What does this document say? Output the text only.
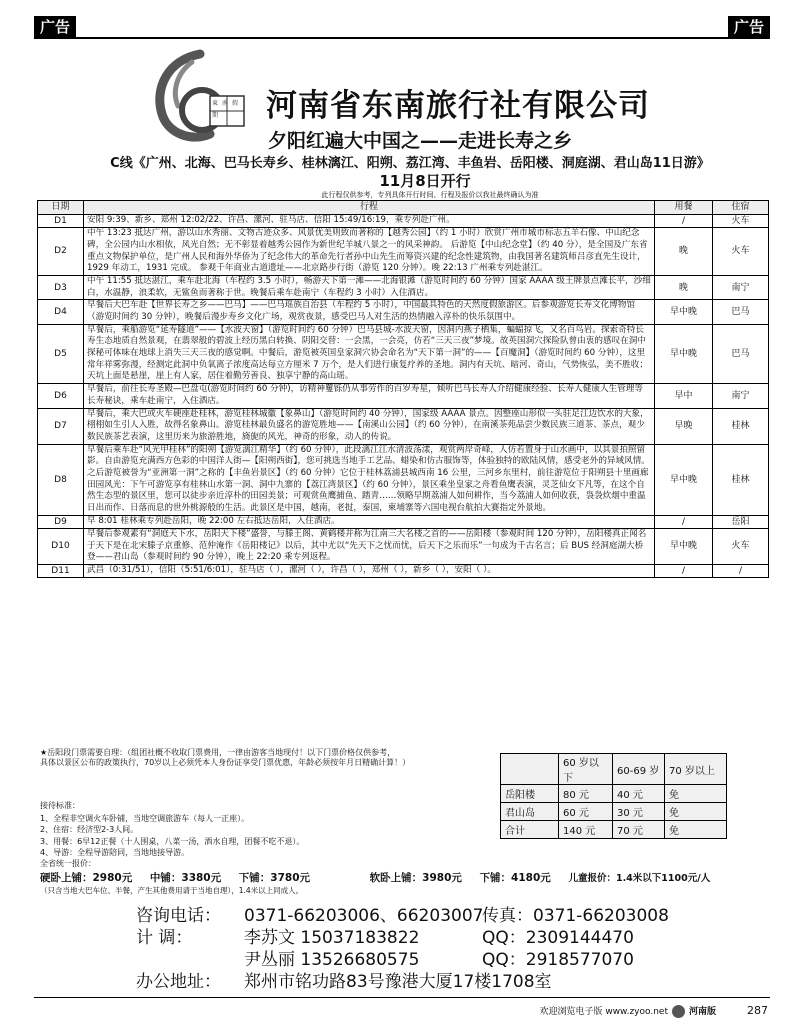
广告	广告
東南假期	河南省东南旅行社有限公司
夕阳红遍大中国之——走进长寿之乡
C线《广州、北海、巴马长寿乡、桂林漓江、阳朔、荔江湾、丰鱼岩、岳阳楼、洞庭湖、君山岛11日游》
11月8日开行
此行程仅供参考，专列具体开行时间、行程及报价以我社最终确认为准
日期	行程	用餐	住宿
D1	安阳 9:39、新乡、郑州 12:02/22、许昌、漯河、驻马店、信阳 15:49/16:19，乘专列赴广州。	/	火车
D2	中午 13:23 抵达广州，游以山水秀丽、文物古迹众多、风景优美则致而著称的【越秀公园】（约 1 小时）欣赏广州市城市标志五羊石像、中山纪念碑，全公园内山水相依，风光自然；无不彰显着越秀公园作为新世纪羊城八景之一的风采神韵。 后游览【中山纪念堂】（约 40 分），是全国及广东省重点文物保护单位，是广州人民和海外华侨为了纪念伟大的革命先行者孙中山先生而筹资兴建的纪念性建筑物，由我国著名建筑师吕彦直先生设计，1929 年动工，1931 完成。 参观千年商业古道遗址——北京路步行街（游览 120 分钟）。晚 22:13 广州乘专列赴湛江。	晚	火车
D3	中午 11:55 抵达湛江，乘车赴北海（车程约 3.5 小时），畅游天下第一滩——北海银滩（游览时间约 60 分钟）国家 AAAA 级王牌景点滩长平，沙细白，水温静，浪柔软，无鲨鱼而著称于世。晚餐后乘车赴南宁（车程约 3 小时）入住酒店。	晚	南宁
D4	早餐后大巴车赴【世界长寿之乡——巴马】——巴马瑶族自治县（车程约 5 小时），中国最具特色的天然度假旅游区。后参观游览长寿文化博物馆（游览时间约 30 分钟），晚餐后漫步寿乡文化广场，观赏夜景，感受巴马人对生活的热情融入淳朴的快乐氛围中。	早中晚	巴马
D5	早餐后，乘船游览“延寿隧道”——【水波天窗】（游览时间约 60 分钟）巴马县城-水波天窗，因洞内燕子栖集，蝙蝠掠飞，又名百鸟岩。探索奇特长寿生态地质自然景观，在翡翠般的碧波上经历黑白转换、阴阳交替：一会黑，一会亮，仿若“三天三夜”梦境。故英国洞穴探险队曾由衷的感叹在洞中探秘可体味在地球上消失三天三夜的感觉啊。中餐后，游览被英国皇家洞穴协会命名为“天下第一洞”的——【百魔洞】（游览时间约 60 分钟），这里常年祥雾弥漫，经测定此洞中负氧离子浓度高达每立方厘米 7 万个，是人们进行康复疗养的圣地。洞内有天坑、暗河、奇山，气势恢弘，美不胜收；天坑上面是悬崖，崖上有人家，居住着勤劳善良、独享宁静的高山瑶。	早中晚	巴马
D6	早餐后，前往长寿圣殿—巴盘屯(游览时间约 60 分钟)，访精神矍铄仍从事劳作的百岁寿星，倾听巴马长寿人介绍健康经验、长寿人健康人生管理等长寿秘诀，乘车赴南宁，入住酒店。	早中	南宁
D7	早餐后，乘大巴或火车硬座赴桂林，游览桂林城徽【象鼻山】（游览时间约 40 分钟），国家级 AAAA 景点。因整座山形似一头驻足江边饮水的大象，栩栩如生引人入胜，故得名象鼻山。游览桂林最负盛名的游览胜地——【南溪山公园】（约 60 分钟），在南溪茶苑品尝少数民族三道茶、茶点，观少数民族茶艺表演，这里历来为旅游胜地，旖旎的风光，神奇的形象，动人的传说。	早晚	桂林
D8	早餐后乘车赴“风光甲桂林”的阳朔【游览漓江精华】（约 60 分钟），此段漓江江水清波荡漾，观赏两岸奇峰，人仿若置身于山水画中，以其景拍照留影。自由游览充满西方色彩的中国洋人街—【阳朔西街】，您可挑选当地手工艺品、蜡染和仿古服饰等，体验独特的欧陆风情，感受老外的异域风情。之后游览被誉为“亚洲第一洞”之称的【丰鱼岩景区】（约 60 分钟）它位于桂林荔浦县城西南 16 公里，三河乡东里村，前往游览位于阳朔县十里画廊田园风光：下午可游览享有桂林山水第一洞、洞中九寨的【荔江湾景区】（约 60 分钟），景区乘坐皇家之舟看鱼鹰表演，灵芝仙女下凡等，在这个自然生态型的景区里，您可以徒步亲近淳朴的田园美景；可观赏鱼鹰捕鱼、踏青……领略早期荔浦人如何耕作，当今荔浦人如何收获，袅袅炊烟中重温日出而作、日落而息的世外桃源般的生活。此景区是中国，越南，老挝，泰国，柬埔寨等六国电视台航拍大赛指定外景地。	早中晚	桂林
D9	早 8:01 桂林乘专列赴岳阳，晚 22:00 左右抵达岳阳，入住酒店。	/	岳阳
D10	早餐后参观素有“洞庭天下水，岳阳天下楼”盛誉，与滕王阁、黄鹤楼并称为江南三大名楼之首的——岳阳楼（参观时间 120 分钟），岳阳楼真正闻名于天下是在北宋滕子京重修、范仲淹作《岳阳楼记》以后，其中尤以“先天下之忧而忧，后天下之乐而乐”一句成为千古名言；后 BUS 经洞庭湖大桥登——君山岛（参观时间约 90 分钟），晚上 22:20 乘专列返程。	早中晚	火车
D11	武昌（0:31/51），信阳（5:51/6:01），驻马店（ ），漯河（ ），许昌（ ），郑州（ ），新乡（ ），安阳（ ）。	/	/
★岳阳段门票需要自理：（组团社概不收取门票费用，一律由游客当地现付！以下门票价格仅供参考，
具体以景区公布的政策执行，70岁以上必须凭本人身份证享受门票优惠，年龄必须按年月日精确计算！）
		60 岁以下	60-69 岁	70 岁以上
岳阳楼	80 元	40 元	免
君山岛	60 元	30 元	免
合计	140 元	70 元	免
接待标准：
1、全程非空调火车卧铺，当地空调旅游车（每人一正座）。
2、住宿：经济型2-3人间。
3、用餐：6早12正餐（十人围桌，八菜一汤，酒水自理，团餐不吃不退）。
4、导游：全程导游陪同，当地地接导游。
全省统一报价：
硬卧上铺：2980元 中铺：3380元 下铺：3780元	软卧上铺：3980元 下铺：4180元 儿童报价：1.4米以下1100元/人
（只含当地大巴车位、半餐，产生其他费用请于当地自理），1.4米以上同成人。
咨询电话： 0371-66203006、66203007
传真：0371-66203008
计 调：	李苏文 15037183822	QQ：2309144470
尹丛丽 13526680575	QQ：2918577070
办公地址： 郑州市铭功路83号豫港大厦17楼1708室
欢迎浏览电子版 www.zyoo.net 河南版	287
